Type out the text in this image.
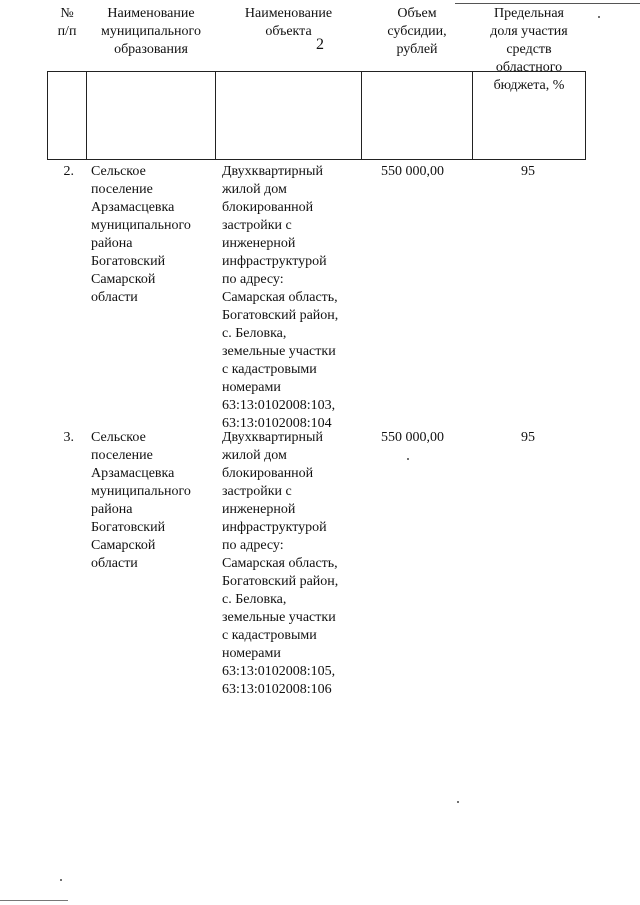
2
№
п/п
Наименование
муниципального
образования
Наименование
объекта
Объем
субсидии,
рублей
Предельная
доля участия
средств
областного
бюджета, %
2. Сельское
поселение
Арзамасцевка
муниципального
района
Богатовский
Самарской
области
Двухквартирный
жилой дом
блокированной
застройки с
инженерной
инфраструктурой
по адресу:
Самарская область,
Богатовский район,
с. Беловка,
земельные участки
с кадастровыми
номерами
63:13:0102008:103,
63:13:0102008:104
550 000,00	95
3. Сельское
поселение
Арзамасцевка
муниципального
района
Богатовский
Самарской
области
Двухквартирный
жилой дом
блокированной
застройки с
инженерной
инфраструктурой
по адресу:
Самарская область,
Богатовский район,
с. Беловка,
земельные участки
с кадастровыми
номерами
63:13:0102008:105,
63:13:0102008:106
550 000,00	95
